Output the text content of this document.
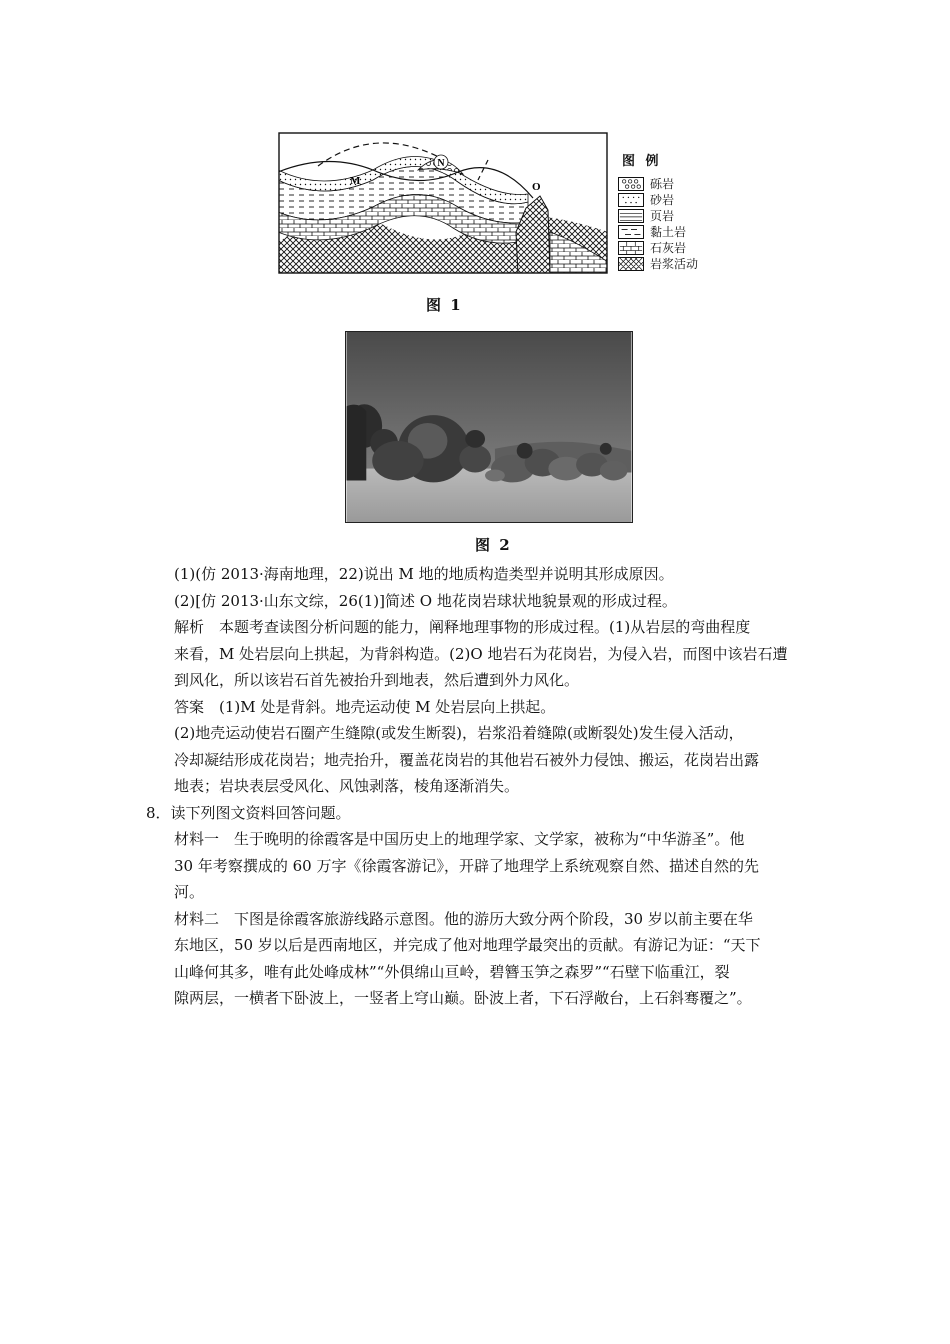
N
M	O
图 例
砾岩
砂岩
页岩
黏土岩
石灰岩
岩浆活动
图 1
图 2
(1)(仿 2013·海南地理，22)说出 M 地的地质构造类型并说明其形成原因。
(2)[仿 2013·山东文综，26(1)]简述 O 地花岗岩球状地貌景观的形成过程。
解析　本题考查读图分析问题的能力，阐释地理事物的形成过程。(1)从岩层的弯曲程度
来看，M 处岩层向上拱起，为背斜构造。(2)O 地岩石为花岗岩，为侵入岩，而图中该岩石遭
到风化，所以该岩石首先被抬升到地表，然后遭到外力风化。
答案　(1)M 处是背斜。地壳运动使 M 处岩层向上拱起。
(2)地壳运动使岩石圈产生缝隙(或发生断裂)，岩浆沿着缝隙(或断裂处)发生侵入活动，
冷却凝结形成花岗岩；地壳抬升，覆盖花岗岩的其他岩石被外力侵蚀、搬运，花岗岩出露
地表；岩块表层受风化、风蚀剥落，棱角逐渐消失。
8．读下列图文资料回答问题。
材料一　生于晚明的徐霞客是中国历史上的地理学家、文学家，被称为“中华游圣”。他
30 年考察撰成的 60 万字《徐霞客游记》，开辟了地理学上系统观察自然、描述自然的先
河。
材料二　下图是徐霞客旅游线路示意图。他的游历大致分两个阶段，30 岁以前主要在华
东地区，50 岁以后是西南地区，并完成了他对地理学最突出的贡献。有游记为证：“天下
山峰何其多，唯有此处峰成林”“外俱绵山亘岭，碧簪玉笋之森罗”“石壁下临重江，裂
隙两层，一横者下卧波上，一竖者上穹山巅。卧波上者，下石浮敞台，上石斜骞覆之”。
